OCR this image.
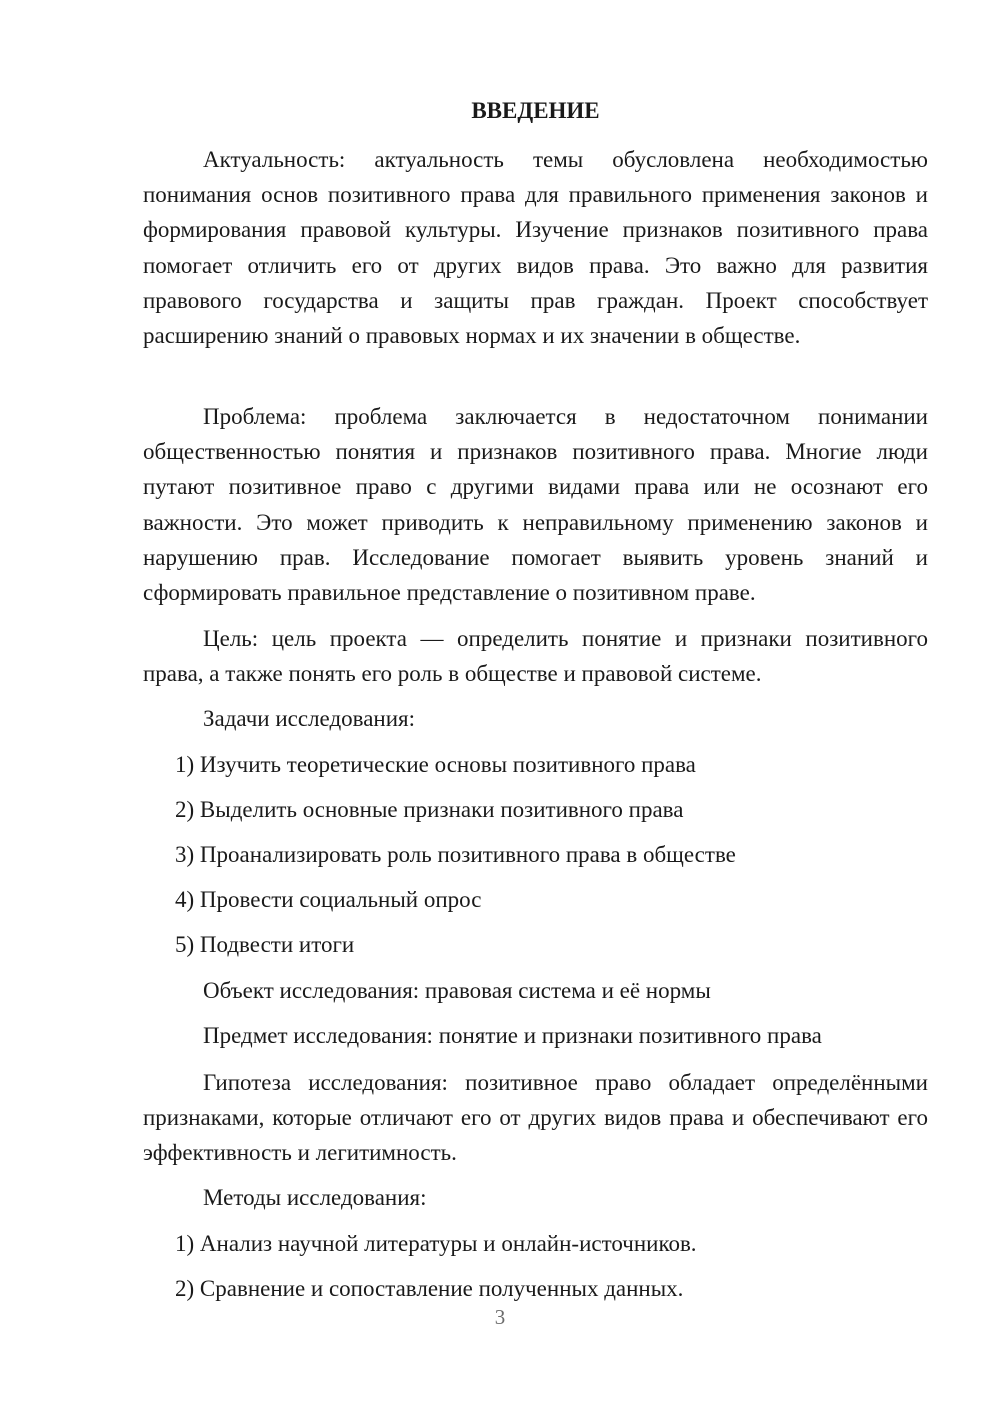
ВВЕДЕНИЕ

Актуальность: актуальность темы обусловлена необходимостью понимания основ позитивного права для правильного применения законов и формирования правовой культуры. Изучение признаков позитивного права помогает отличить его от других видов права. Это важно для развития правового государства и защиты прав граждан. Проект способствует расширению знаний о правовых нормах и их значении в обществе.

Проблема: проблема заключается в недостаточном понимании общественностью понятия и признаков позитивного права. Многие люди путают позитивное право с другими видами права или не осознают его важности. Это может приводить к неправильному применению законов и нарушению прав. Исследование помогает выявить уровень знаний и сформировать правильное представление о позитивном праве.

Цель: цель проекта — определить понятие и признаки позитивного права, а также понять его роль в обществе и правовой системе.

Задачи исследования:

1) Изучить теоретические основы позитивного права

2) Выделить основные признаки позитивного права

3) Проанализировать роль позитивного права в обществе

4) Провести социальный опрос

5) Подвести итоги

Объект исследования: правовая система и её нормы

Предмет исследования: понятие и признаки позитивного права

Гипотеза исследования: позитивное право обладает определёнными признаками, которые отличают его от других видов права и обеспечивают его эффективность и легитимность.

Методы исследования:

1) Анализ научной литературы и онлайн-источников.

2) Сравнение и сопоставление полученных данных.

3
